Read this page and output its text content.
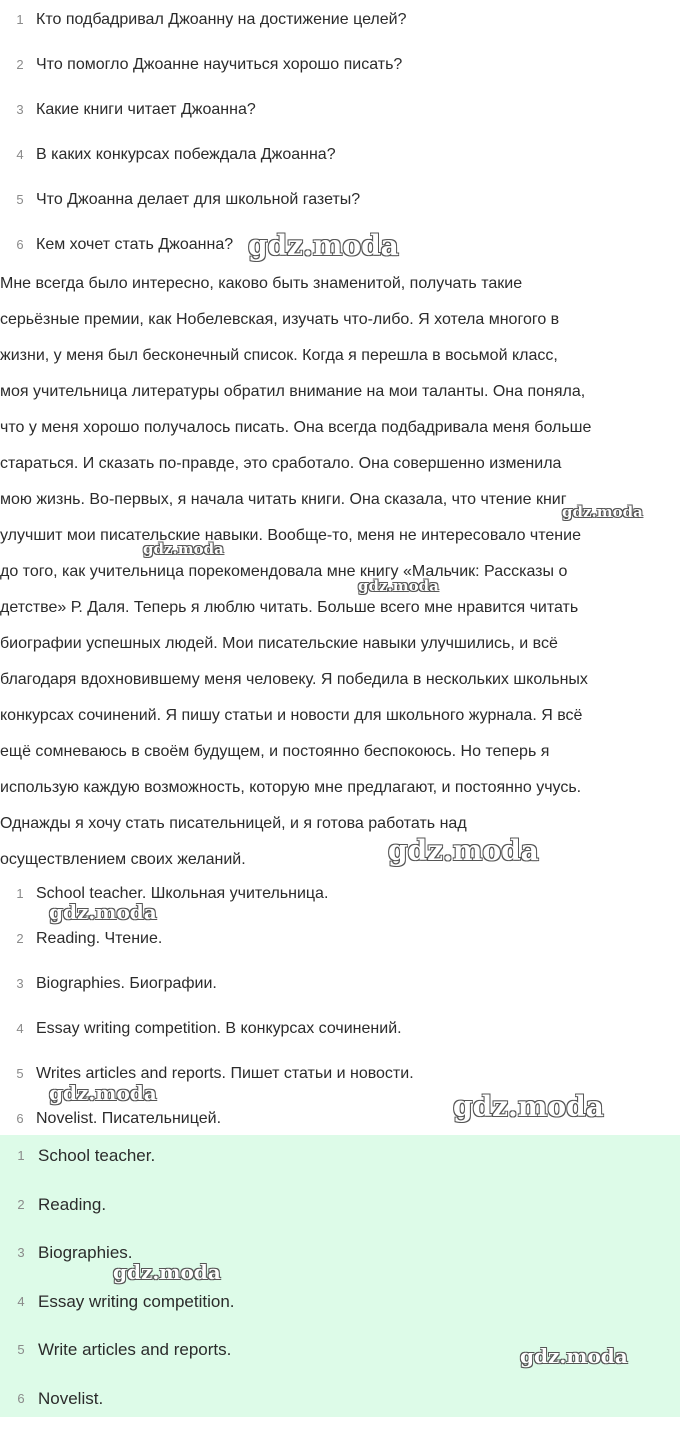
1 Кто подбадривал Джоанну на достижение целей?
2 Что помогло Джоанне научиться хорошо писать?
3 Какие книги читает Джоанна?
4 В каких конкурсах побеждала Джоанна?
5 Что Джоанна делает для школьной газеты?
6 Кем хочет стать Джоанна?
Мне всегда было интересно, каково быть знаменитой, получать такие
серьёзные премии, как Нобелевская, изучать что-либо. Я хотела многого в
жизни, у меня был бесконечный список. Когда я перешла в восьмой класс,
моя учительница литературы обратил внимание на мои таланты. Она поняла,
что у меня хорошо получалось писать. Она всегда подбадривала меня больше
стараться. И сказать по-правде, это сработало. Она совершенно изменила
мою жизнь. Во-первых, я начала читать книги. Она сказала, что чтение книг
улучшит мои писательские навыки. Вообще-то, меня не интересовало чтение
до того, как учительница порекомендовала мне книгу «Мальчик: Рассказы о
детстве» Р. Даля. Теперь я люблю читать. Больше всего мне нравится читать
биографии успешных людей. Мои писательские навыки улучшились, и всё
благодаря вдохновившему меня человеку. Я победила в нескольких школьных
конкурсах сочинений. Я пишу статьи и новости для школьного журнала. Я всё
ещё сомневаюсь в своём будущем, и постоянно беспокоюсь. Но теперь я
использую каждую возможность, которую мне предлагают, и постоянно учусь.
Однажды я хочу стать писательницей, и я готова работать над
осуществлением своих желаний.
1 School teacher. Школьная учительница.
2 Reading. Чтение.
3 Biographies. Биографии.
4 Essay writing competition. В конкурсах сочинений.
5 Writes articles and reports. Пишет статьи и новости.
6 Novelist. Писательницей.
1 School teacher.
2 Reading.
3 Biographies.
4 Essay writing competition.
5 Write articles and reports.
6 Novelist.
gdz.moda
gdz.moda
gdz.moda
gdz.moda
gdz.moda
gdz.moda
gdz.moda	gdz.moda
gdz.moda
gdz.moda
